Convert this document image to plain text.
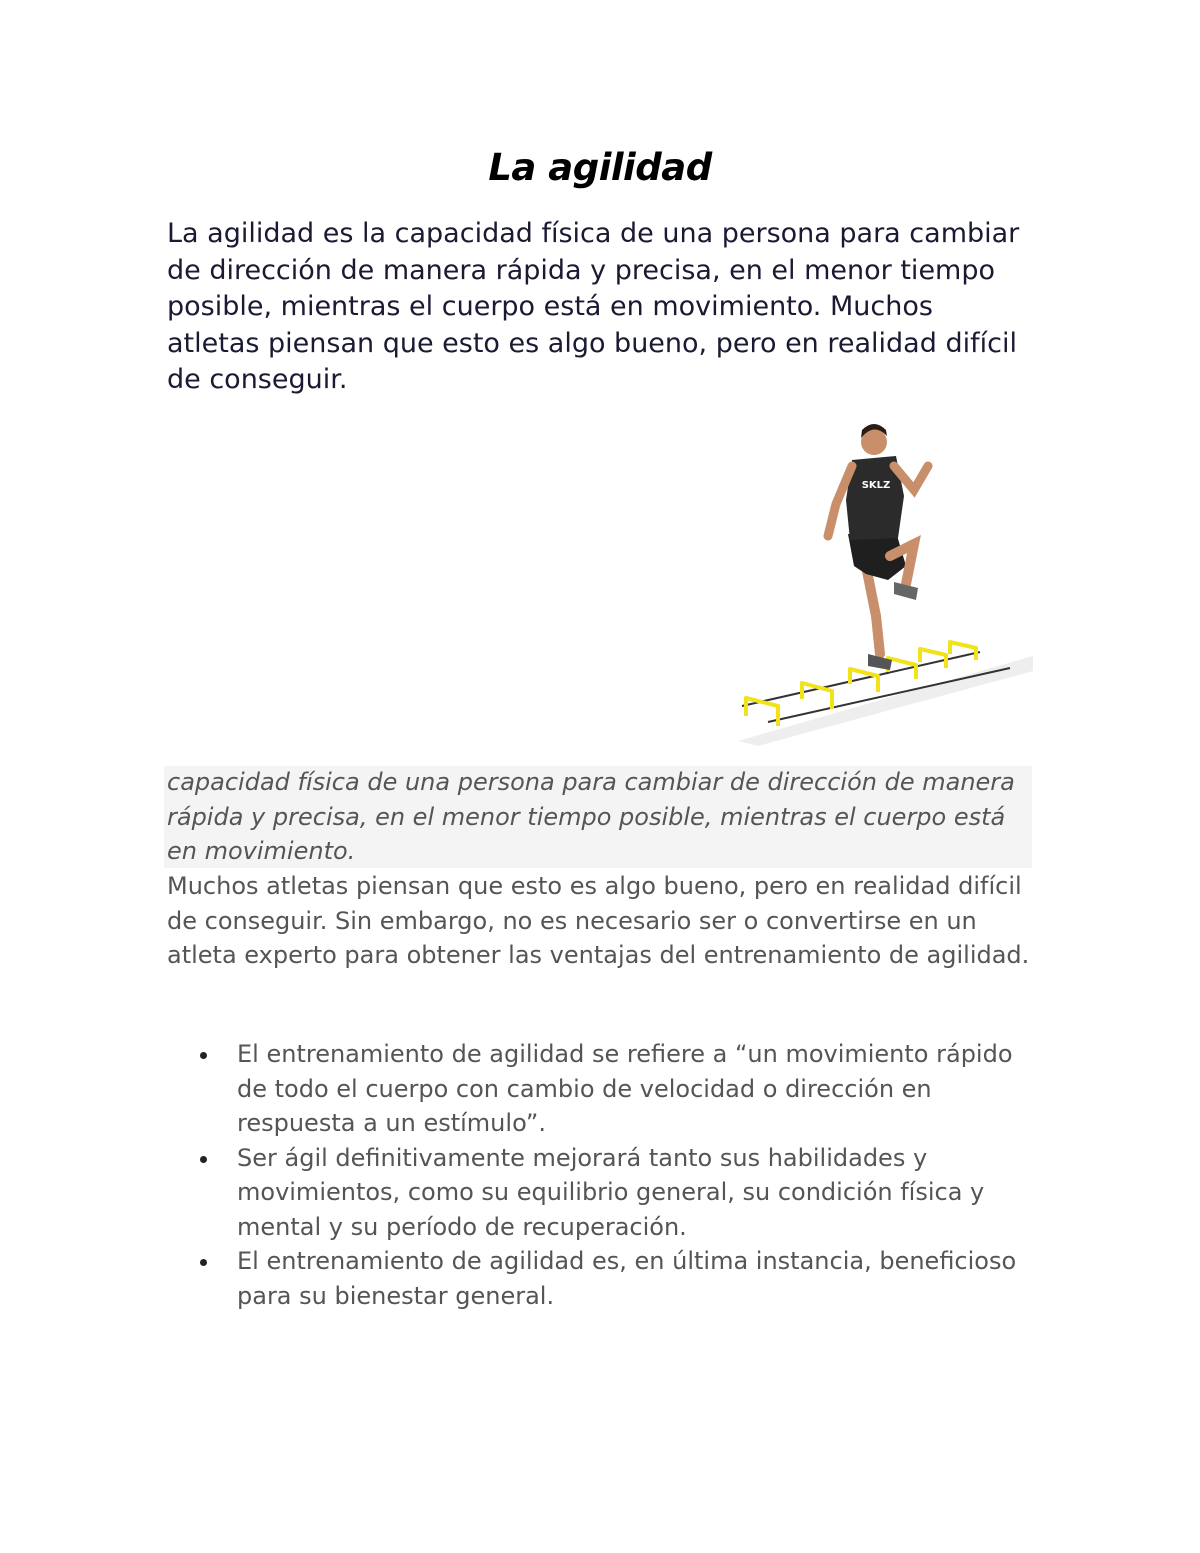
La agilidad

La agilidad es la capacidad física de una persona para cambiar de dirección de manera rápida y precisa, en el menor tiempo posible, mientras el cuerpo está en movimiento. Muchos atletas piensan que esto es algo bueno, pero en realidad difícil de conseguir.

SKLZ

capacidad física de una persona para cambiar de dirección de manera rápida y precisa, en el menor tiempo posible, mientras el cuerpo está en movimiento.

Muchos atletas piensan que esto es algo bueno, pero en realidad difícil de conseguir. Sin embargo, no es necesario ser o convertirse en un atleta experto para obtener las ventajas del entrenamiento de agilidad.

El entrenamiento de agilidad se refiere a “un movimiento rápido de todo el cuerpo con cambio de velocidad o dirección en respuesta a un estímulo”.
Ser ágil definitivamente mejorará tanto sus habilidades y movimientos, como su equilibrio general, su condición física y mental y su período de recuperación.
El entrenamiento de agilidad es, en última instancia, beneficioso para su bienestar general.
